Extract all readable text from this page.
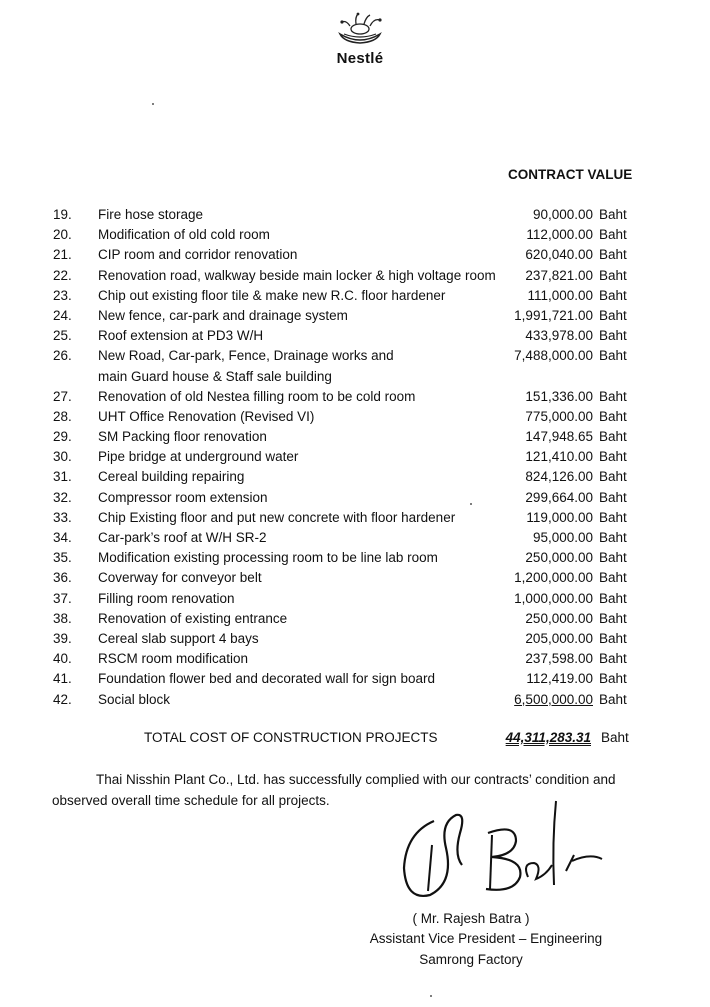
Nestlé
CONTRACT VALUE
19. Fire hose storage	90,000.00 Baht
20. Modification of old cold room	112,000.00 Baht
21. CIP room and corridor renovation	620,040.00 Baht
22. Renovation road, walkway beside main locker & high voltage room 237,821.00 Baht
23. Chip out existing floor tile & make new R.C. floor hardener	111,000.00 Baht
24. New fence, car-park and drainage system	1,991,721.00 Baht
25. Roof extension at PD3 W/H	433,978.00 Baht
26. New Road, Car-park, Fence, Drainage works and
main Guard house & Staff sale building
7,488,000.00 Baht
27. Renovation of old Nestea filling room to be cold room	151,336.00 Baht
28. UHT Office Renovation (Revised VI)	775,000.00 Baht
29. SM Packing floor renovation	147,948.65 Baht
30. Pipe bridge at underground water	121,410.00 Baht
31. Cereal building repairing	824,126.00 Baht
32. Compressor room extension	299,664.00 Baht
33. Chip Existing floor and put new concrete with floor hardener	119,000.00 Baht
34. Car-park’s roof at W/H SR-2	95,000.00 Baht
35. Modification existing processing room to be line lab room	250,000.00 Baht
36. Coverway for conveyor belt	1,200,000.00 Baht
37. Filling room renovation	1,000,000.00 Baht
38. Renovation of existing entrance	250,000.00 Baht
39. Cereal slab support 4 bays	205,000.00 Baht
40. RSCM room modification	237,598.00 Baht
41. Foundation flower bed and decorated wall for sign board	112,419.00 Baht
42. Social block	6,500,000.00 Baht
TOTAL COST OF CONSTRUCTION PROJECTS	44,311,283.31 Baht
Thai Nisshin Plant Co., Ltd. has successfully complied with our contracts’ condition and
observed overall time schedule for all projects.
( Mr. Rajesh Batra )
Assistant Vice President – Engineering
Samrong Factory
